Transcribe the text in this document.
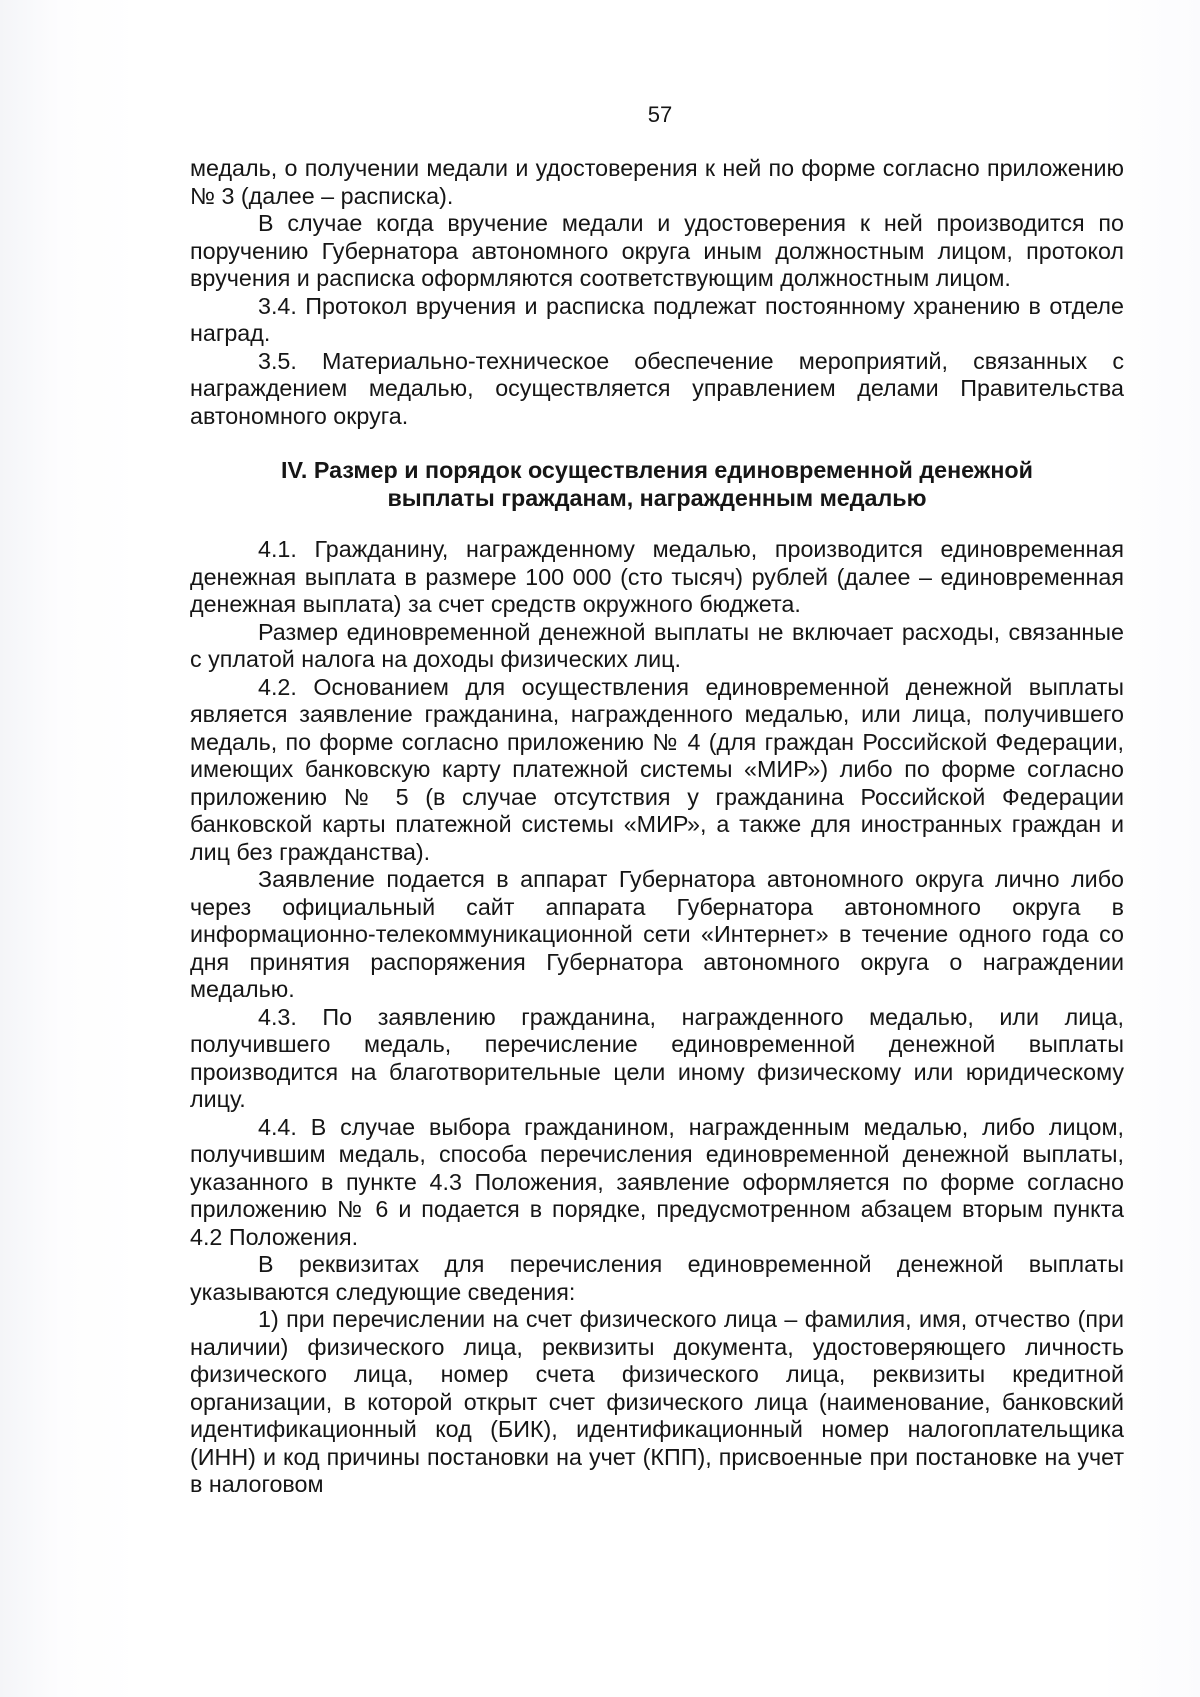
57

медаль, о получении медали и удостоверения к ней по форме согласно приложению № 3 (далее – расписка).

В случае когда вручение медали и удостоверения к ней производится по поручению Губернатора автономного округа иным должностным лицом, протокол вручения и расписка оформляются соответствующим должностным лицом.

3.4. Протокол вручения и расписка подлежат постоянному хранению в отделе наград.

3.5. Материально-техническое обеспечение мероприятий, связанных с награждением медалью, осуществляется управлением делами Правительства автономного округа.

IV. Размер и порядок осуществления единовременной денежной
выплаты гражданам, награжденным медалью

4.1. Гражданину, награжденному медалью, производится единовременная денежная выплата в размере 100 000 (сто тысяч) рублей (далее – единовременная денежная выплата) за счет средств окружного бюджета.

Размер единовременной денежной выплаты не включает расходы, связанные с уплатой налога на доходы физических лиц.

4.2. Основанием для осуществления единовременной денежной выплаты является заявление гражданина, награжденного медалью, или лица, получившего медаль, по форме согласно приложению № 4 (для граждан Российской Федерации, имеющих банковскую карту платежной системы «МИР») либо по форме согласно приложению № 5 (в случае отсутствия у гражданина Российской Федерации банковской карты платежной системы «МИР», а также для иностранных граждан и лиц без гражданства).

Заявление подается в аппарат Губернатора автономного округа лично либо через официальный сайт аппарата Губернатора автономного округа в информационно-телекоммуникационной сети «Интернет» в течение одного года со дня принятия распоряжения Губернатора автономного округа о награждении медалью.

4.3. По заявлению гражданина, награжденного медалью, или лица, получившего медаль, перечисление единовременной денежной выплаты производится на благотворительные цели иному физическому или юридическому лицу.

4.4. В случае выбора гражданином, награжденным медалью, либо лицом, получившим медаль, способа перечисления единовременной денежной выплаты, указанного в пункте 4.3 Положения, заявление оформляется по форме согласно приложению № 6 и подается в порядке, предусмотренном абзацем вторым пункта 4.2 Положения.

В реквизитах для перечисления единовременной денежной выплаты указываются следующие сведения:

1) при перечислении на счет физического лица – фамилия, имя, отчество (при наличии) физического лица, реквизиты документа, удостоверяющего личность физического лица, номер счета физического лица, реквизиты кредитной организации, в которой открыт счет физического лица (наименование, банковский идентификационный код (БИК), идентификационный номер налогоплательщика (ИНН) и код причины постановки на учет (КПП), присвоенные при постановке на учет в налоговом
